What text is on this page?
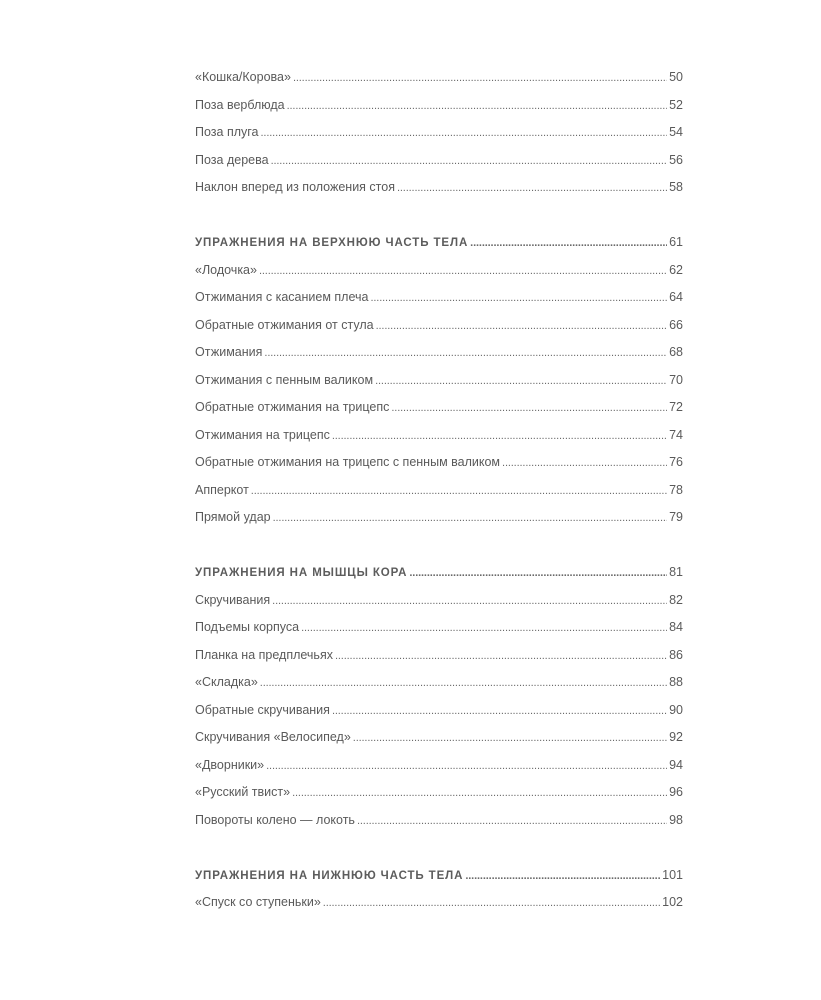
«Кошка/Корова» . . .	50
Поза верблюда . . .	52
Поза плуга . . .	54
Поза дерева . . .	56
Наклон вперед из положения стоя . . .	58
УПРАЖНЕНИЯ НА ВЕРХНЮЮ ЧАСТЬ ТЕЛА . . .	61
«Лодочка» . . .	62
Отжимания с касанием плеча . . .	64
Обратные отжимания от стула . . .	66
Отжимания . . .	68
Отжимания с пенным валиком . . .	70
Обратные отжимания на трицепс . . .	72
Отжимания на трицепс . . .	74
Обратные отжимания на трицепс с пенным валиком . . .	76
Апперкот . . .	78
Прямой удар . . .	79
УПРАЖНЕНИЯ НА МЫШЦЫ КОРА . . .	81
Скручивания . . .	82
Подъемы корпуса . . .	84
Планка на предплечьях . . .	86
«Складка» . . .	88
Обратные скручивания . . .	90
Скручивания «Велосипед» . . .	92
«Дворники» . . .	94
«Русский твист» . . .	96
Повороты колено — локоть . . .	98
УПРАЖНЕНИЯ НА НИЖНЮЮ ЧАСТЬ ТЕЛА . . .	101
«Спуск со ступеньки» . . .	102
